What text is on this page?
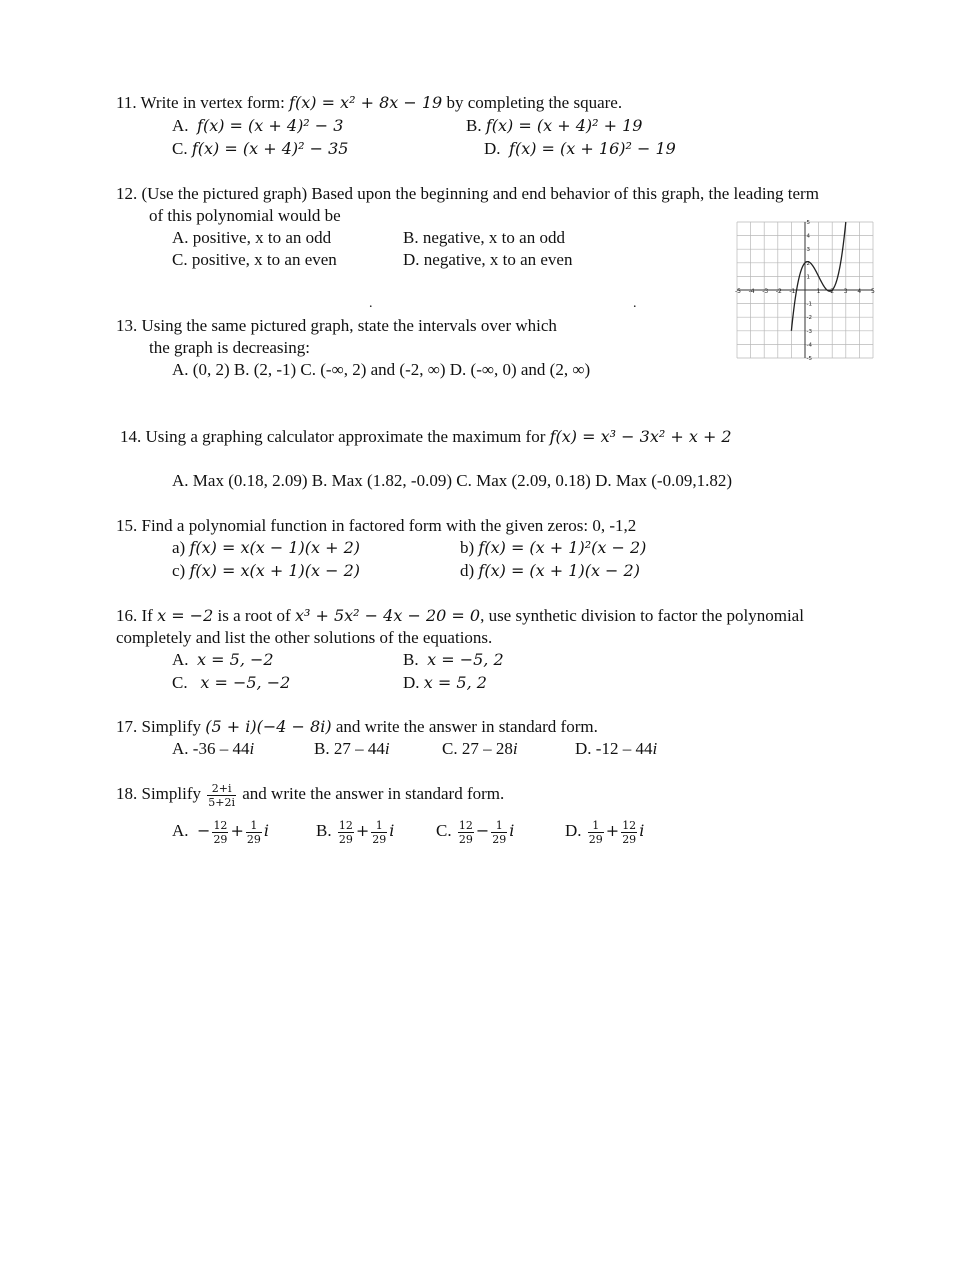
11. Write in vertex form: f(x) = x² + 8x − 19 by completing the square.
A. f(x) = (x + 4)² − 3	B. f(x) = (x + 4)² + 19
C. f(x) = (x + 4)² − 35	D. f(x) = (x + 16)² − 19
12. (Use the pictured graph) Based upon the beginning and end behavior of this graph, the leading term
of this polynomial would be
A. positive, x to an odd	B. negative, x to an odd
C. positive, x to an even	D. negative, x to an even
.	.
-5 -4 -3 -2 -1	1 2 3 4 5
5
4
3
2
1
-1
-2
-3
-4
-5
13. Using the same pictured graph, state the intervals over which
the graph is decreasing:
A. (0, 2) B. (2, -1) C. (-∞, 2) and (-2, ∞) D. (-∞, 0) and (2, ∞)
14. Using a graphing calculator approximate the maximum for f(x) = x³ − 3x² + x + 2
A. Max (0.18, 2.09) B. Max (1.82, -0.09) C. Max (2.09, 0.18) D. Max (-0.09,1.82)
15. Find a polynomial function in factored form with the given zeros: 0, -1,2
a) f(x) = x(x − 1)(x + 2)	b) f(x) = (x + 1)²(x − 2)
c) f(x) = x(x + 1)(x − 2)	d) f(x) = (x + 1)(x − 2)
16. If x = −2 is a root of x³ + 5x² − 4x − 20 = 0, use synthetic division to factor the polynomial
completely and list the other solutions of the equations.
A. x = 5, −2	B. x = −5, 2
C. x = −5, −2	D. x = 5, 2
17. Simplify (5 + i)(−4 − 8i) and write the answer in standard form.
A. -36 – 44i	B. 27 – 44i	C. 27 – 28i	D. -12 – 44i
18. Simplify $\frac{2+i}{5+2i}$ and write the answer in standard form.
A. − $\frac{12}{29} + \frac{1}{29}$ i	B. $\frac{12}{29} + \frac{1}{29}$ i C. $\frac{12}{29} - \frac{1}{29}$ i	D. $\frac{1}{29} + \frac{12}{29}$ i
